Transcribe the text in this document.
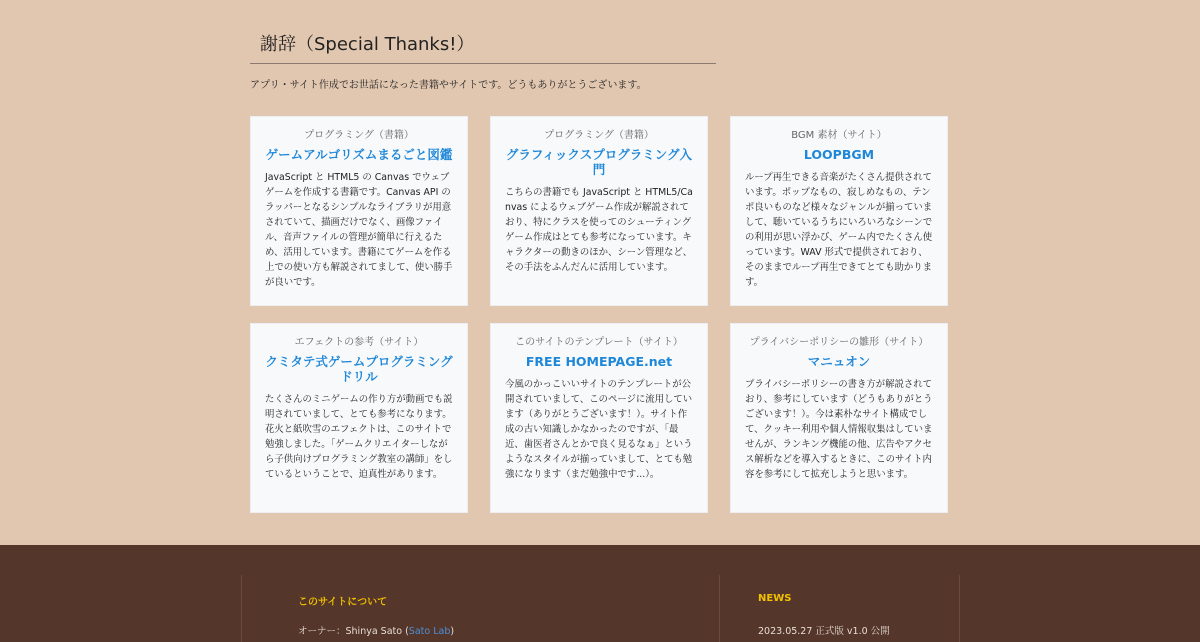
謝辞（Special Thanks!）
アプリ・サイト作成でお世話になった書籍やサイトです。どうもありがとうございます。
プログラミング（書籍）
ゲームアルゴリズムまるごと図鑑
JavaScript と HTML5 の Canvas でウェブゲームを作成する書籍です。Canvas API のラッパーとなるシンプルなライブラリが用意されていて、描画だけでなく、画像ファイル、音声ファイルの管理が簡単に行えるため、活用しています。書籍にてゲームを作る上での使い方も解説されてまして、使い勝手が良いです。
プログラミング（書籍）
グラフィックスプログラミング入門
こちらの書籍でも JavaScript と HTML5/Canvas によるウェブゲーム作成が解説されており、特にクラスを使ってのシューティングゲーム作成はとても参考になっています。キャラクターの動きのほか、シーン管理など、その手法をふんだんに活用しています。
BGM 素材（サイト）
LOOPBGM
ループ再生できる音楽がたくさん提供されています。ポップなもの、寂しめなもの、テンポ良いものなど様々なジャンルが揃っていまして、聴いているうちにいろいろなシーンでの利用が思い浮かび、ゲーム内でたくさん使っています。WAV 形式で提供されており、そのままでループ再生できてとても助かります。
エフェクトの参考（サイト）
クミタテ式ゲームプログラミングドリル
たくさんのミニゲームの作り方が動画でも説明されていまして、とても参考になります。花火と紙吹雪のエフェクトは、このサイトで勉強しました。「ゲームクリエイターしながら子供向けプログラミング教室の講師」をしているということで、迫真性があります。
このサイトのテンプレート（サイト）
FREE HOMEPAGE.net
今風のかっこいいサイトのテンプレートが公開されていまして、このページに流用しています（ありがとうございます！）。サイト作成の古い知識しかなかったのですが、「最近、歯医者さんとかで良く見るなぁ」というようなスタイルが揃っていまして、とても勉強になります（まだ勉強中です...）。
プライバシーポリシーの雛形（サイト）
マニュオン
プライバシーポリシーの書き方が解説されており、参考にしています（どうもありがとうございます！）。今は素朴なサイト構成でして、クッキー利用や個人情報収集はしていませんが、ランキング機能の他、広告やアクセス解析などを導入するときに、このサイト内容を参考にして拡充しようと思います。
このサイトについて
オーナー：Shinya Sato (Sato Lab)
NEWS
2023.05.27 正式版 v1.0 公開
